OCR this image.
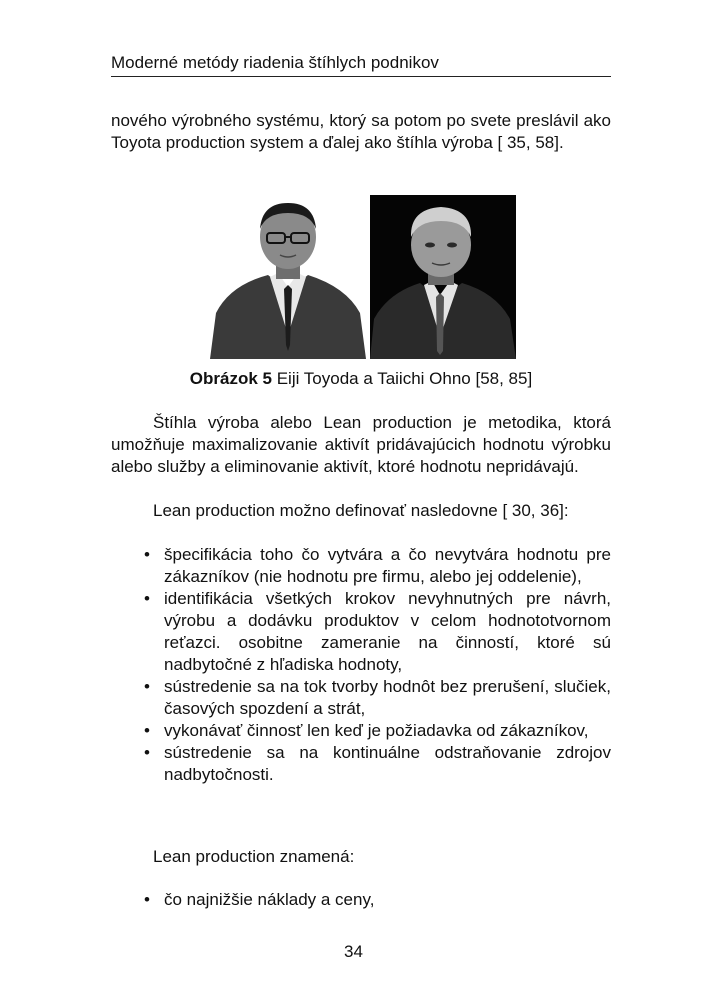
Moderné metódy riadenia štíhlych podnikov

nového výrobného systému, ktorý sa potom po svete preslávil ako Toyota production system a ďalej ako štíhla výroba [ 35, 58].

Obrázok 5 Eiji Toyoda a Taiichi Ohno [58, 85]

Štíhla výroba alebo Lean production je metodika, ktorá umožňuje maximalizovanie aktivít pridávajúcich hodnotu výrobku alebo služby a eliminovanie aktivít, ktoré hodnotu nepridávajú.

Lean production možno definovať nasledovne [ 30, 36]:

• špecifikácia toho čo vytvára a čo nevytvára hodnotu pre zákazníkov (nie hodnotu pre firmu, alebo jej oddelenie),
• identifikácia všetkých krokov nevyhnutných pre návrh, výrobu a dodávku produktov v celom hodnototvornom reťazci. osobitne zameranie na činností, ktoré sú nadbytočné z hľadiska hodnoty,
• sústredenie sa na tok tvorby hodnôt bez prerušení, slučiek, časových spozdení a strát,
• vykonávať činnosť len keď je požiadavka od zákazníkov,
• sústredenie sa na kontinuálne odstraňovanie zdrojov nadbytočnosti.

Lean production znamená:

• čo najnižšie náklady a ceny,
34
